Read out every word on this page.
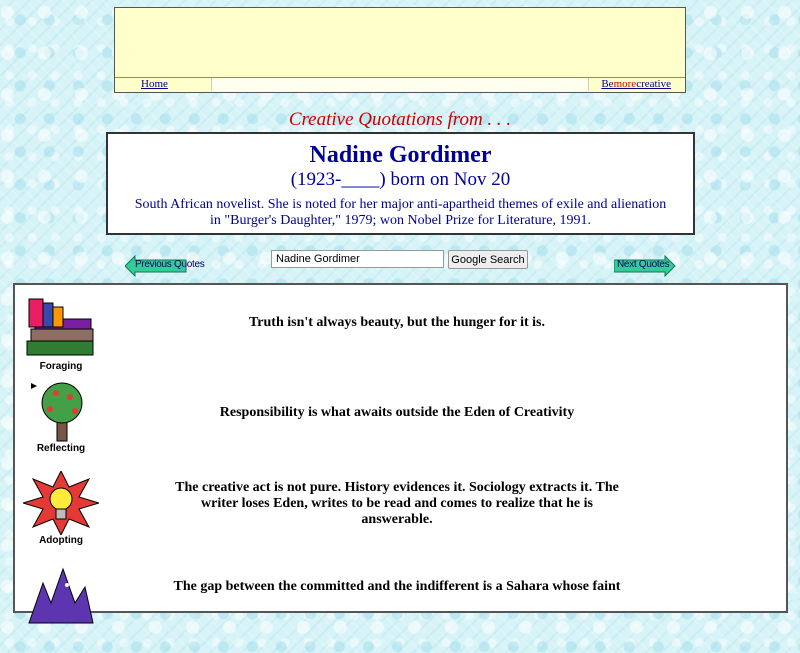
Home	Bemorecreative
Creative Quotations from . . .
Nadine Gordimer
(1923-____) born on Nov 20
South African novelist. She is noted for her major anti-apartheid themes of exile and alienation
in "Burger's Daughter," 1979; won Nobel Prize for Literature, 1991.
Previous Quotes
Nadine Gordimer	Google Search	Next Quotes
Foraging
Reflecting
Adopting
Truth isn't always beauty, but the hunger for it is.
Responsibility is what awaits outside the Eden of Creativity
The creative act is not pure. History evidences it. Sociology extracts it. The writer loses Eden, writes to be read and comes to realize that he is answerable.
The gap between the committed and the indifferent is a Sahara whose faint
